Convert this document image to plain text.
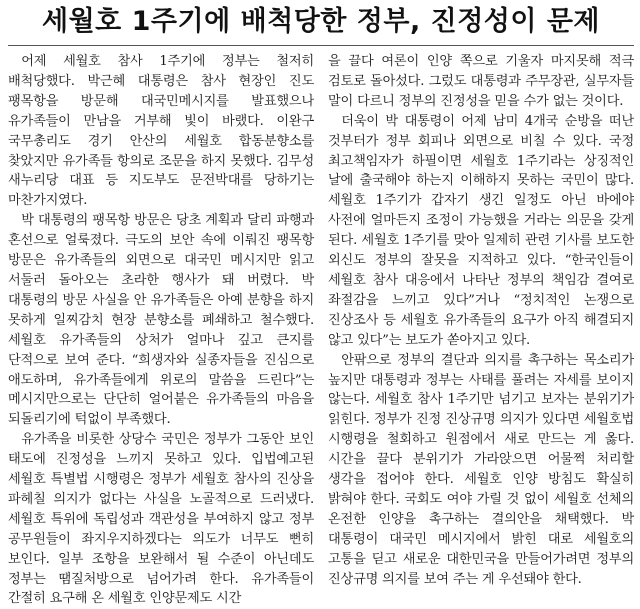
세월호 1주기에 배척당한 정부, 진정성이 문제

어제 세월호 참사 1주기에 정부는 철저히 배척당했다. 박근혜 대통령은 참사 현장인 진도 팽목항을 방문해 대국민메시지를 발표했으나 유가족들이 만남을 거부해 빛이 바랬다. 이완구 국무총리도 경기 안산의 세월호 합동분향소를 찾았지만 유가족들 항의로 조문을 하지 못했다. 김무성 새누리당 대표 등 지도부도 문전박대를 당하기는 마찬가지였다.

박 대통령의 팽목항 방문은 당초 계획과 달리 파행과 혼선으로 얼룩졌다. 극도의 보안 속에 이뤄진 팽목항 방문은 유가족들의 외면으로 대국민 메시지만 읽고 서둘러 돌아오는 초라한 행사가 돼 버렸다. 박 대통령의 방문 사실을 안 유가족들은 아예 분향을 하지 못하게 일찌감치 현장 분향소를 폐쇄하고 철수했다. 세월호 유가족들의 상처가 얼마나 깊고 큰지를 단적으로 보여 준다. “희생자와 실종자들을 진심으로 애도하며, 유가족들에게 위로의 말씀을 드린다”는 메시지만으로는 단단히 얼어붙은 유가족들의 마음을 되돌리기에 턱없이 부족했다.

유가족을 비롯한 상당수 국민은 정부가 그동안 보인 태도에 진정성을 느끼지 못하고 있다. 입법예고된 세월호 특별법 시행령은 정부가 세월호 참사의 진상을 파헤칠 의지가 없다는 사실을 노골적으로 드러냈다. 세월호 특위에 독립성과 객관성을 부여하지 않고 정부 공무원들이 좌지우지하겠다는 의도가 너무도 뻔히 보인다. 일부 조항을 보완해서 될 수준이 아닌데도 정부는 땜질처방으로 넘어가려 한다. 유가족들이 간절히 요구해 온 세월호 인양문제도 시간

을 끌다 여론이 인양 쪽으로 기울자 마지못해 적극 검토로 돌아섰다. 그렀도 대통령과 주무장관, 실무자들 말이 다르니 정부의 진정성을 믿을 수가 없는 것이다.

더욱이 박 대통령이 어제 남미 4개국 순방을 떠난 것부터가 정부 회피나 외면으로 비칠 수 있다. 국정 최고책임자가 하필이면 세월호 1주기라는 상징적인 날에 출국해야 하는지 이해하지 못하는 국민이 많다. 세월호 1주기가 갑자기 생긴 일정도 아닌 바에야 사전에 얼마든지 조정이 가능했을 거라는 의문을 갖게 된다. 세월호 1주기를 맞아 일제히 관련 기사를 보도한 외신도 정부의 잘못을 지적하고 있다. “한국인들이 세월호 참사 대응에서 나타난 정부의 책임감 결여로 좌절감을 느끼고 있다”거나 “정치적인 논쟁으로 진상조사 등 세월호 유가족들의 요구가 아직 해결되지 않고 있다”는 보도가 쏟아지고 있다.

안팎으로 정부의 결단과 의지를 촉구하는 목소리가 높지만 대통령과 정부는 사태를 풀려는 자세를 보이지 않는다. 세월호 참사 1주기만 넘기고 보자는 분위기가 읽힌다. 정부가 진정 진상규명 의지가 있다면 세월호법 시행령을 철회하고 원점에서 새로 만드는 게 옳다. 시간을 끌다 분위기가 가라앉으면 어물쩍 처리할 생각을 접어야 한다. 세월호 인양 방침도 확실히 밝혀야 한다. 국회도 여야 가릴 것 없이 세월호 선체의 온전한 인양을 촉구하는 결의안을 채택했다. 박 대통령이 대국민 메시지에서 밝힌 대로 세월호의 고통을 딛고 새로운 대한민국을 만들어가려면 정부의 진상규명 의지를 보여 주는 게 우선돼야 한다.
